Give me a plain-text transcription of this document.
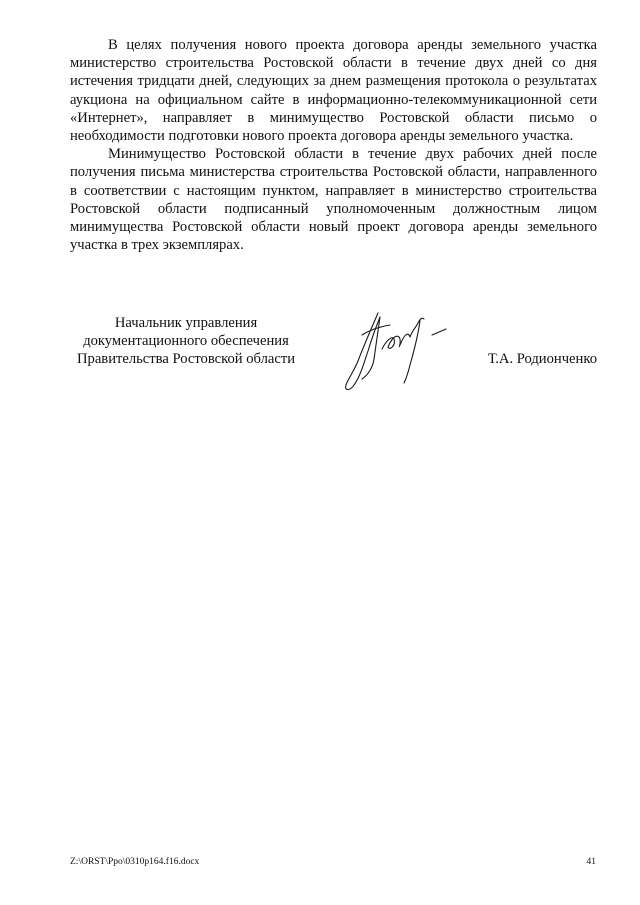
В целях получения нового проекта договора аренды земельного участка министерство строительства Ростовской области в течение двух дней со дня истечения тридцати дней, следующих за днем размещения протокола о результатах аукциона на официальном сайте в информационно-телекоммуникационной сети «Интернет», направляет в минимущество Ростовской области письмо о необходимости подготовки нового проекта договора аренды земельного участка.

Минимущество Ростовской области в течение двух рабочих дней после получения письма министерства строительства Ростовской области, направленного в соответствии с настоящим пунктом, направляет в министерство строительства Ростовской области подписанный уполномоченным должностным лицом минимущества Ростовской области новый проект договора аренды земельного участка в трех экземплярах.

Начальник управления
документационного обеспечения
Правительства Ростовской области	Т.А. Родионченко
Z:\ORST\Ppo\0310p164.f16.docx	41
